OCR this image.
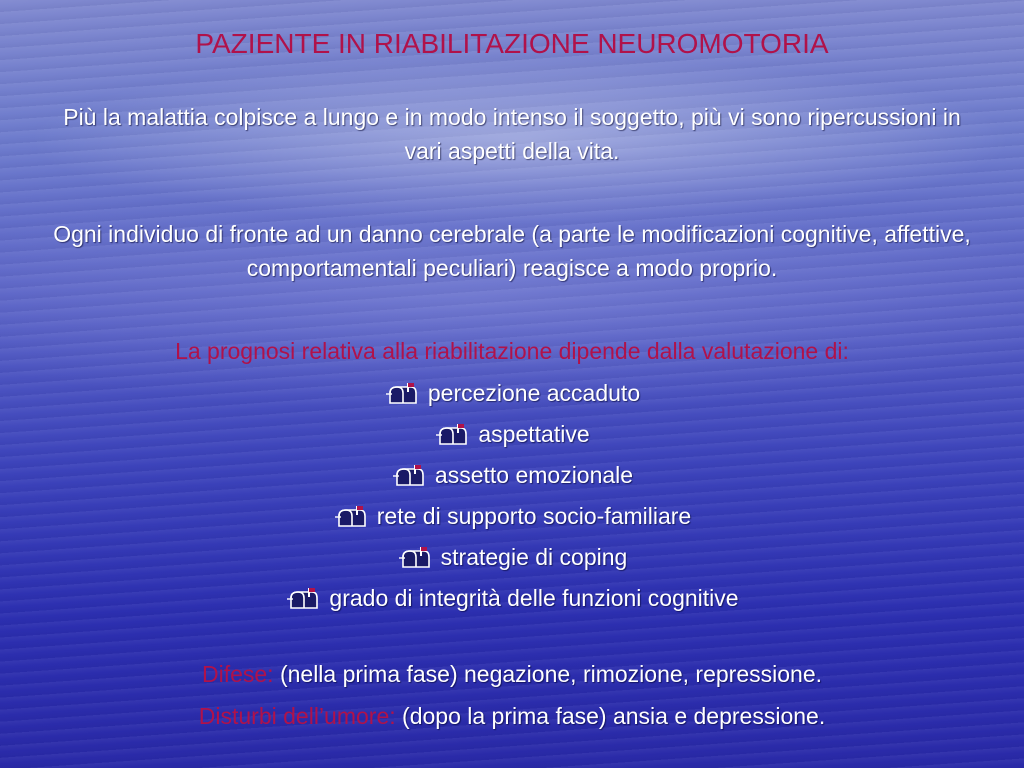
PAZIENTE IN RIABILITAZIONE NEUROMOTORIA
Più la malattia colpisce a lungo e in modo intenso il soggetto, più vi sono ripercussioni in vari aspetti della vita.
Ogni individuo di fronte ad un danno cerebrale (a parte le modificazioni cognitive, affettive, comportamentali peculiari) reagisce a modo proprio.
La prognosi relativa alla riabilitazione dipende dalla valutazione di:
percezione accaduto
aspettative
assetto emozionale
rete di supporto socio-familiare
strategie di coping
grado di integrità delle funzioni cognitive
Difese: (nella prima fase) negazione, rimozione, repressione.
Disturbi dell’umore: (dopo la prima fase) ansia e depressione.
